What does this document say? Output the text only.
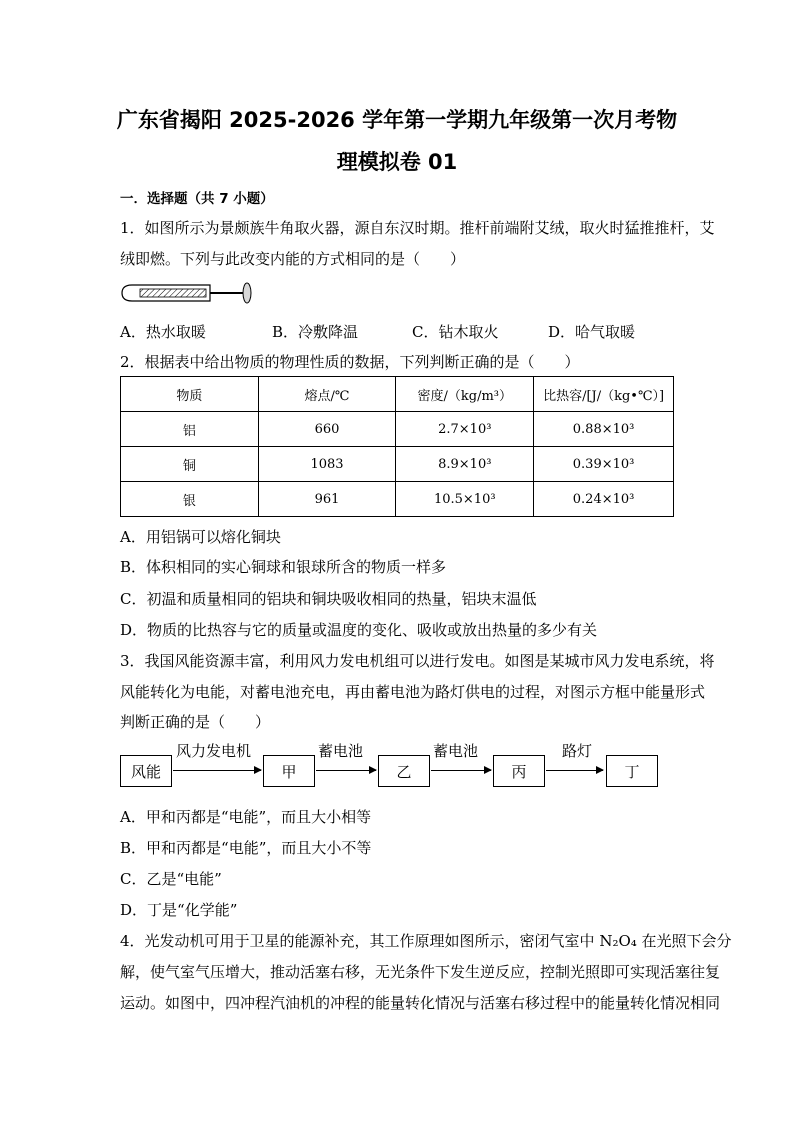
广东省揭阳 2025-2026 学年第一学期九年级第一次月考物
理模拟卷 01
一．选择题（共 7 小题）
1．如图所示为景颇族牛角取火器，源自东汉时期。推杆前端附艾绒，取火时猛推推杆，艾
绒即燃。下列与此改变内能的方式相同的是（　　）
A．热水取暖	B．冷敷降温	C．钻木取火	D．哈气取暖
2．根据表中给出物质的物理性质的数据，下列判断正确的是（　　）
物质	熔点/℃	密度/（kg/m³）	比热容/[J/（kg•℃）]
铝	660	2.7×10³	0.88×10³
铜	1083	8.9×10³	0.39×10³
银	961	10.5×10³	0.24×10³
A．用铝锅可以熔化铜块
B．体积相同的实心铜球和银球所含的物质一样多
C．初温和质量相同的铝块和铜块吸收相同的热量，铝块末温低
D．物质的比热容与它的质量或温度的变化、吸收或放出热量的多少有关
3．我国风能资源丰富，利用风力发电机组可以进行发电。如图是某城市风力发电系统，将
风能转化为电能，对蓄电池充电，再由蓄电池为路灯供电的过程，对图示方框中能量形式
判断正确的是（　　）
风能
风力发电机
甲
蓄电池
乙
蓄电池
丙
路灯
丁
A．甲和丙都是“电能”，而且大小相等
B．甲和丙都是“电能”，而且大小不等
C．乙是“电能”
D．丁是“化学能”
4．光发动机可用于卫星的能源补充，其工作原理如图所示，密闭气室中 N₂O₄ 在光照下会分
解，使气室气压增大，推动活塞右移，无光条件下发生逆反应，控制光照即可实现活塞往复
运动。如图中，四冲程汽油机的冲程的能量转化情况与活塞右移过程中的能量转化情况相同
